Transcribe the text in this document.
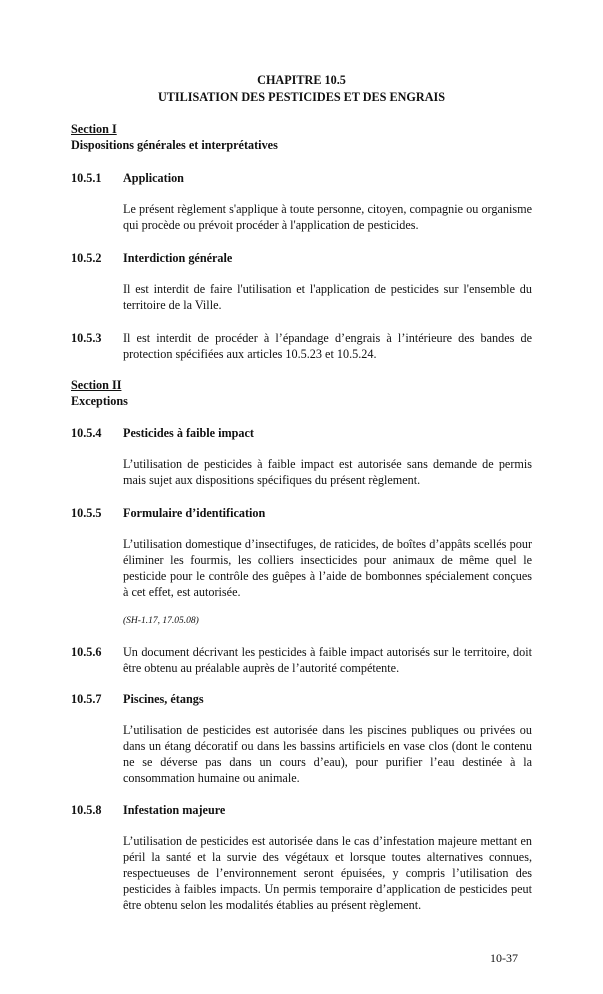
CHAPITRE 10.5
UTILISATION DES PESTICIDES ET DES ENGRAIS
Section I
Dispositions générales et interprétatives
10.5.1 Application
Le présent règlement s'applique à toute personne, citoyen, compagnie ou organisme qui procède ou prévoit procéder à l'application de pesticides.
10.5.2 Interdiction générale
Il est interdit de faire l'utilisation et l'application de pesticides sur l'ensemble du territoire de la Ville.
10.5.3 Il est interdit de procéder à l’épandage d’engrais à l’intérieure des bandes de protection spécifiées aux articles 10.5.23 et 10.5.24.
Section II
Exceptions
10.5.4 Pesticides à faible impact
L’utilisation de pesticides à faible impact est autorisée sans demande de permis mais sujet aux dispositions spécifiques du présent règlement.
10.5.5 Formulaire d’identification
L’utilisation domestique d’insectifuges, de raticides, de boîtes d’appâts scellés pour éliminer les fourmis, les colliers insecticides pour animaux de même quel le pesticide pour le contrôle des guêpes à l’aide de bombonnes spécialement conçues à cet effet, est autorisée.
(SH-1.17, 17.05.08)
10.5.6 Un document décrivant les pesticides à faible impact autorisés sur le territoire, doit être obtenu au préalable auprès de l’autorité compétente.
10.5.7 Piscines, étangs
L’utilisation de pesticides est autorisée dans les piscines publiques ou privées ou dans un étang décoratif ou dans les bassins artificiels en vase clos (dont le contenu ne se déverse pas dans un cours d’eau), pour purifier l’eau destinée à la consommation humaine ou animale.
10.5.8 Infestation majeure
L’utilisation de pesticides est autorisée dans le cas d’infestation majeure mettant en péril la santé et la survie des végétaux et lorsque toutes alternatives connues, respectueuses de l’environnement seront épuisées, y compris l’utilisation des pesticides à faibles impacts. Un permis temporaire d’application de pesticides peut être obtenu selon les modalités établies au présent règlement.
10-37
